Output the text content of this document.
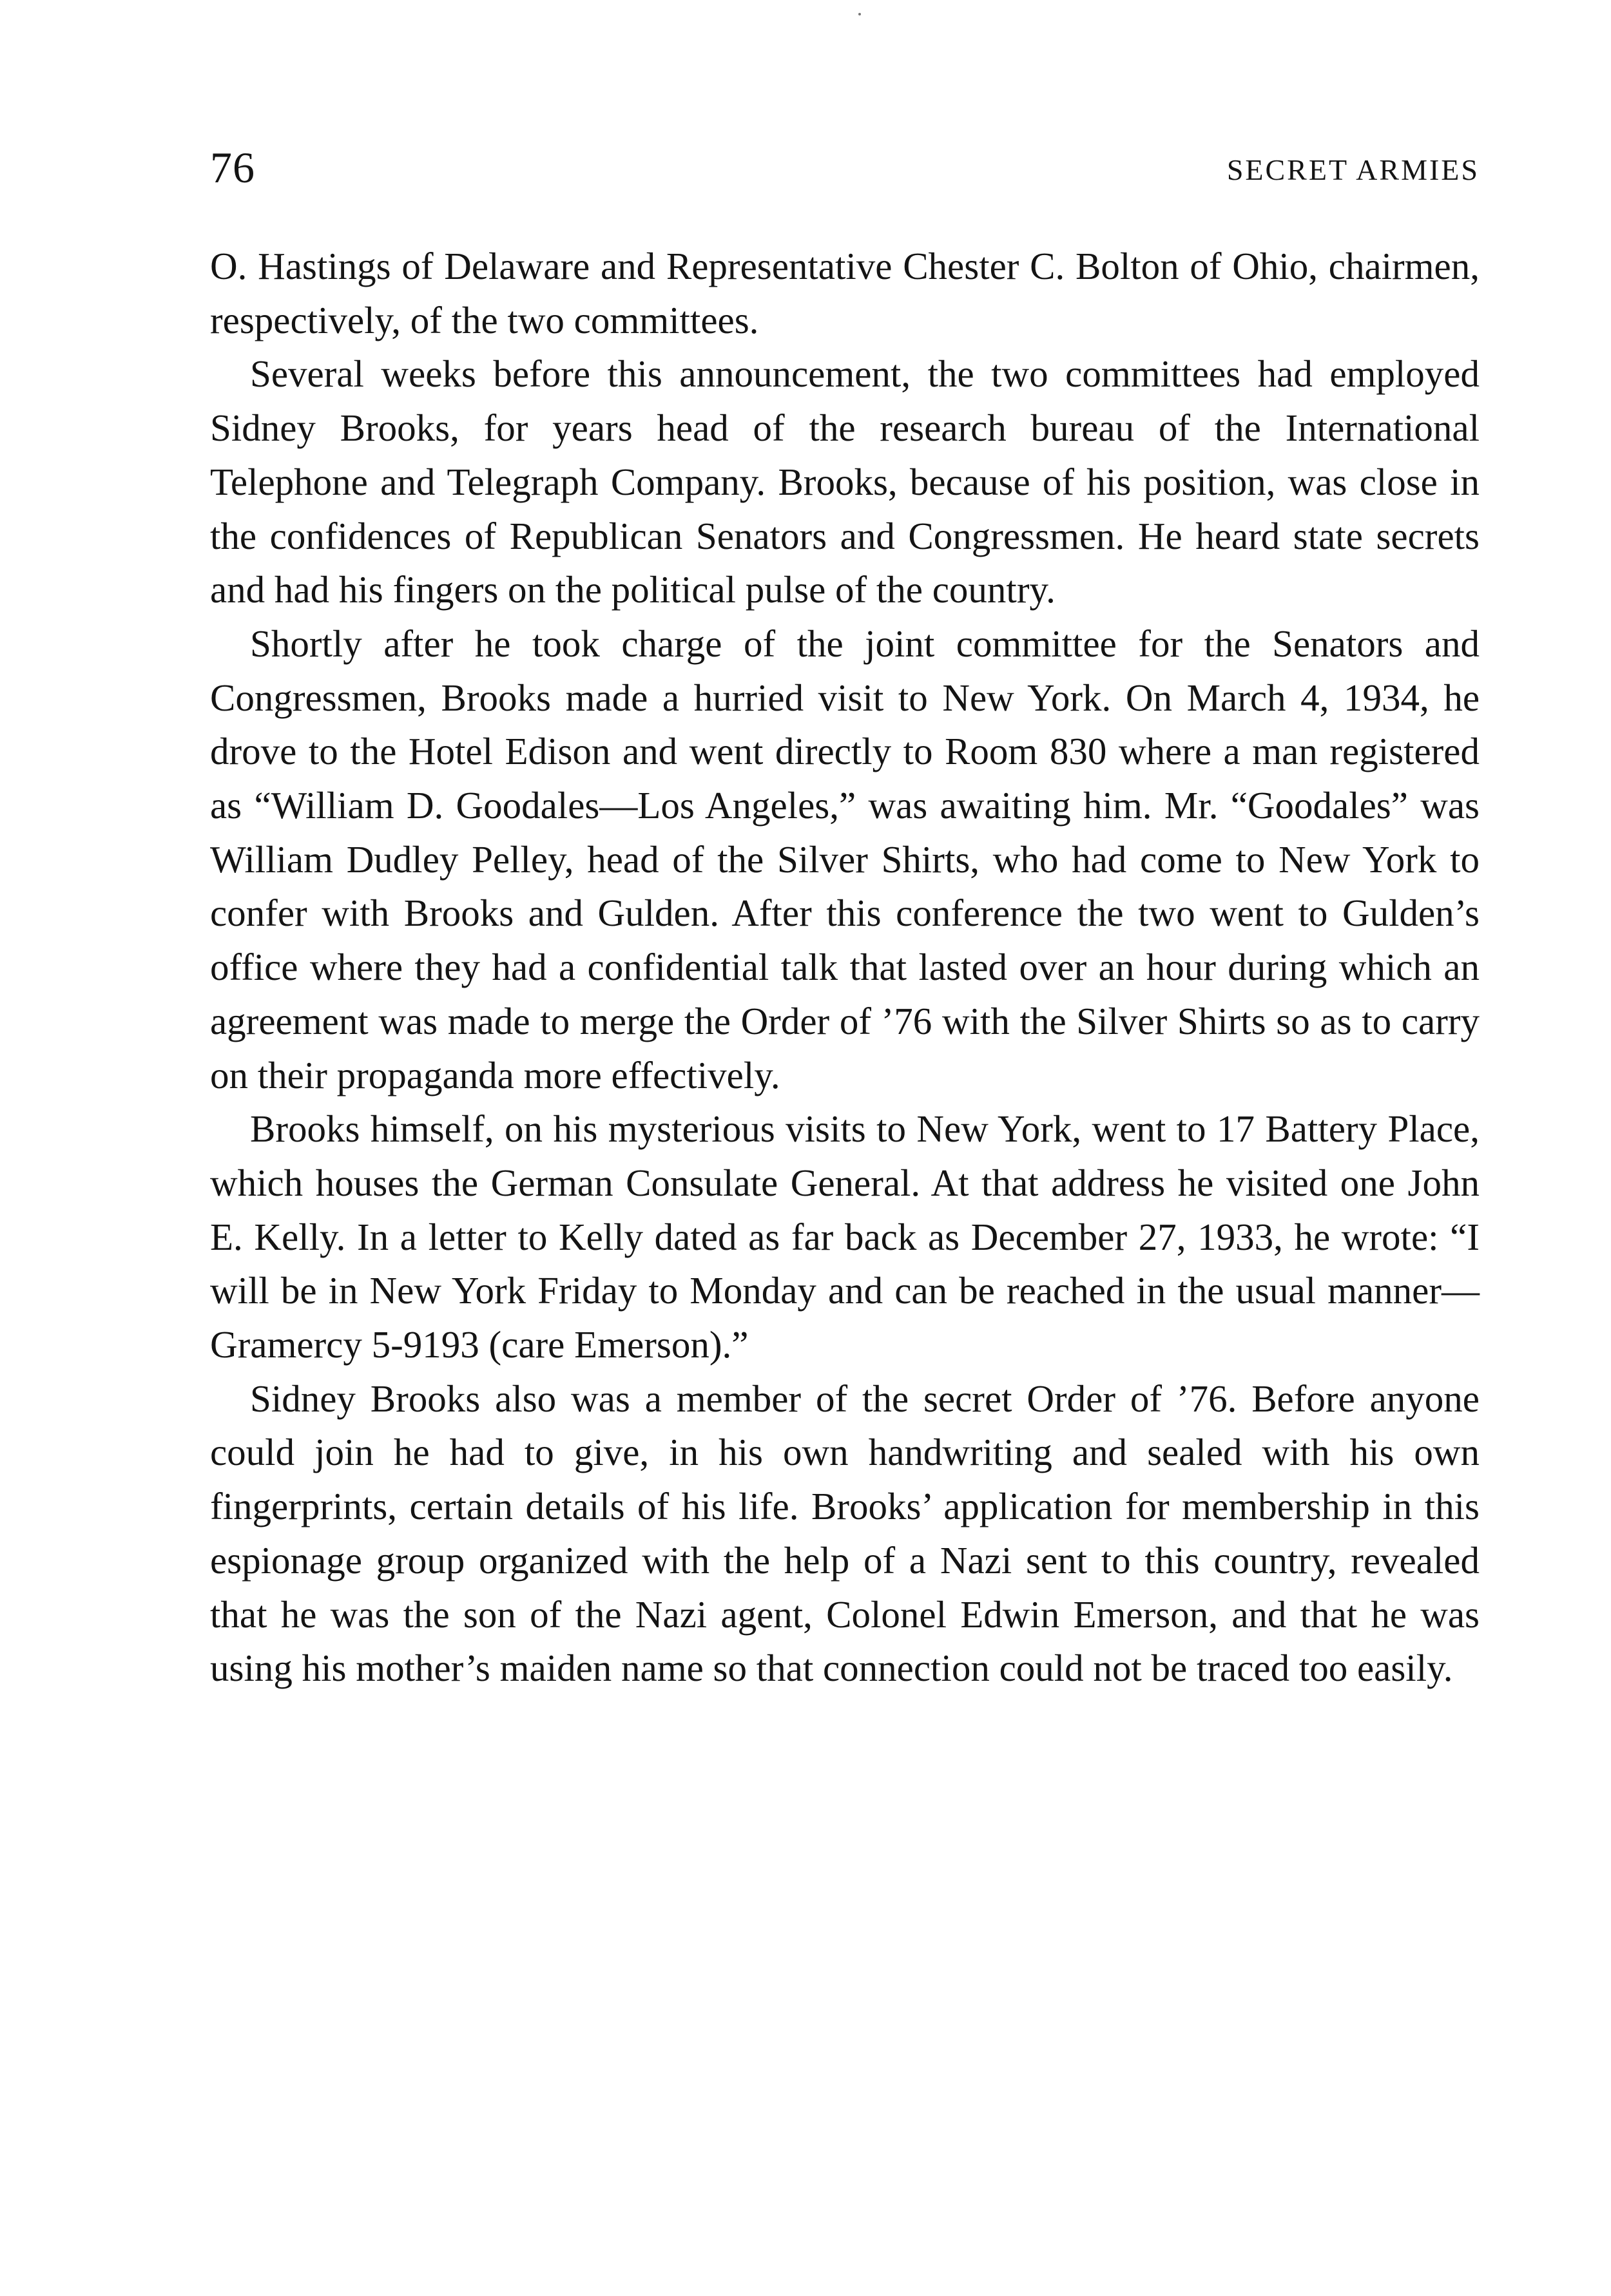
76	SECRET ARMIES

O. Hastings of Delaware and Representative Chester C. Bolton of Ohio, chairmen, respectively, of the two committees.

Several weeks before this announcement, the two committees had employed Sidney Brooks, for years head of the research bureau of the International Telephone and Telegraph Company. Brooks, because of his position, was close in the confidences of Republican Senators and Congressmen. He heard state secrets and had his fingers on the political pulse of the country.

Shortly after he took charge of the joint committee for the Senators and Congressmen, Brooks made a hurried visit to New York. On March 4, 1934, he drove to the Hotel Edison and went directly to Room 830 where a man registered as “William D. Goodales—Los Angeles,” was awaiting him. Mr. “Goodales” was William Dudley Pelley, head of the Silver Shirts, who had come to New York to confer with Brooks and Gulden. After this conference the two went to Gulden’s office where they had a confidential talk that lasted over an hour during which an agreement was made to merge the Order of ’76 with the Silver Shirts so as to carry on their propaganda more effectively.

Brooks himself, on his mysterious visits to New York, went to 17 Battery Place, which houses the German Consulate General. At that address he visited one John E. Kelly. In a letter to Kelly dated as far back as December 27, 1933, he wrote: “I will be in New York Friday to Monday and can be reached in the usual manner—Gramercy 5-9193 (care Emerson).”

Sidney Brooks also was a member of the secret Order of ’76. Before anyone could join he had to give, in his own handwriting and sealed with his own fingerprints, certain details of his life. Brooks’ application for membership in this espionage group organized with the help of a Nazi sent to this country, revealed that he was the son of the Nazi agent, Colonel Edwin Emerson, and that he was using his mother’s maiden name so that connection could not be traced too easily.
